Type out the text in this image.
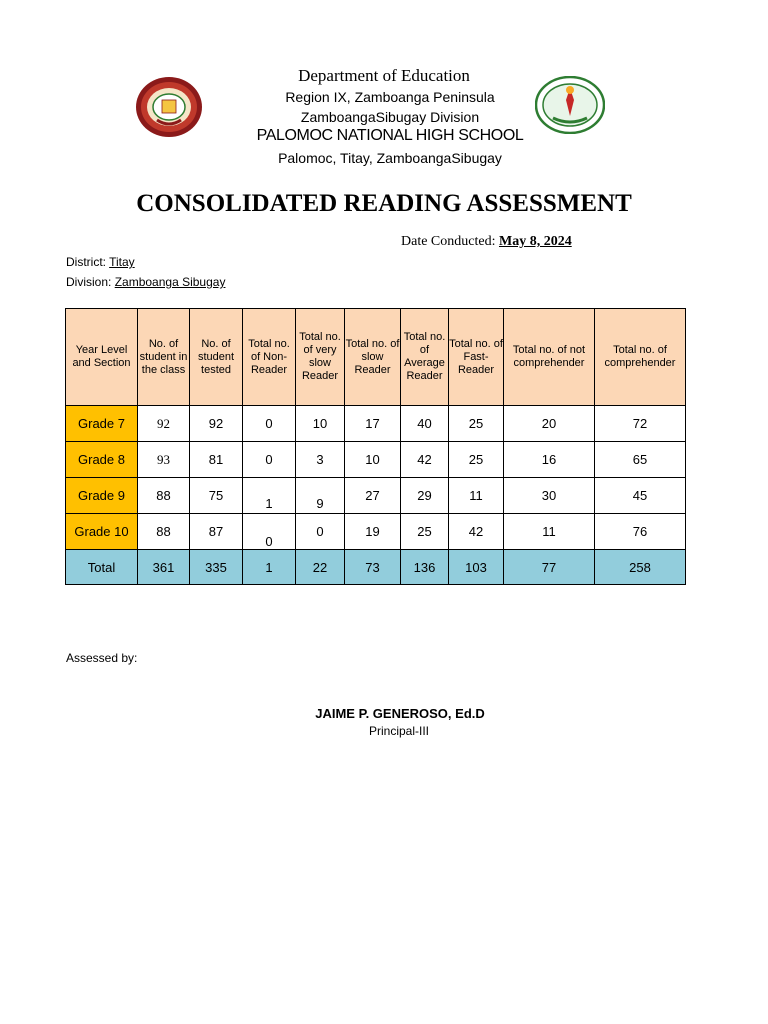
Department of Education
Region IX, Zamboanga Peninsula
ZamboangaSibugay Division
PALOMOC NATIONAL HIGH SCHOOL
Palomoc, Titay, ZamboangaSibugay
CONSOLIDATED READING ASSESSMENT
Date Conducted: May 8, 2024
District: Titay
Division: Zamboanga Sibugay
Year Level and Section	No. of student in the class	No. of student tested	Total no. of Non-Reader	Total no. of very slow Reader	Total no. of slow Reader	Total no. of Average Reader	Total no. of Fast-Reader	Total no. of not comprehender	Total no. of comprehender
Grade 7	92	92	0	10	17	40	25	20	72
Grade 8	93	81	0	3	10	42	25	16	65
Grade 9	88	75	1	9	27	29	11	30	45
Grade 10	88	87	0	0	19	25	42	11	76
Total	361	335	1	22	73	136	103	77	258
Assessed by:
JAIME P. GENEROSO, Ed.D
Principal-III
